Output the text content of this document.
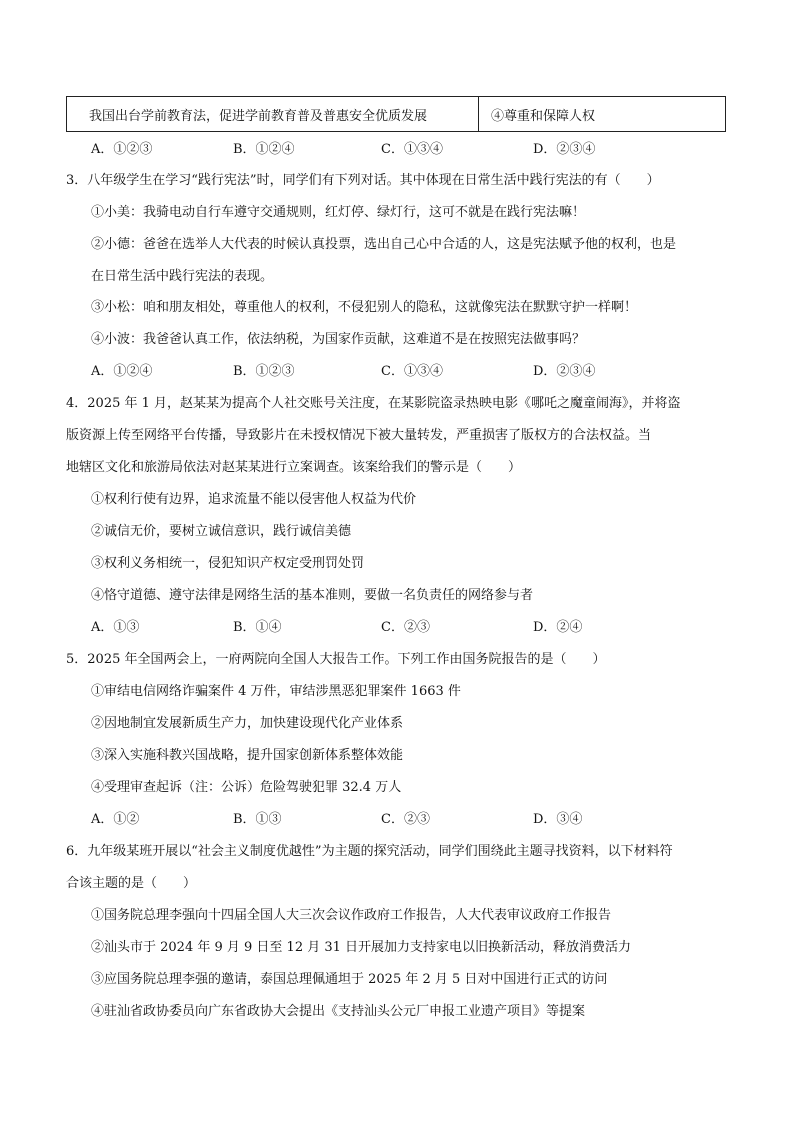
我国出台学前教育法，促进学前教育普及普惠安全优质发展	④尊重和保障人权
A．①②③	B．①②④	C．①③④	D．②③④
3．八年级学生在学习“践行宪法”时，同学们有下列对话。其中体现在日常生活中践行宪法的有（　　）
①小美：我骑电动自行车遵守交通规则，红灯停、绿灯行，这可不就是在践行宪法嘛！
②小德：爸爸在选举人大代表的时候认真投票，选出自己心中合适的人，这是宪法赋予他的权利，也是
在日常生活中践行宪法的表现。
③小松：咱和朋友相处，尊重他人的权利，不侵犯别人的隐私，这就像宪法在默默守护一样啊！
④小波：我爸爸认真工作，依法纳税，为国家作贡献，这难道不是在按照宪法做事吗？
A．①②④	B．①②③	C．①③④	D．②③④
4．2025 年 1 月，赵某某为提高个人社交账号关注度，在某影院盗录热映电影《哪吒之魔童闹海》，并将盗
版资源上传至网络平台传播，导致影片在未授权情况下被大量转发，严重损害了版权方的合法权益。当
地辖区文化和旅游局依法对赵某某进行立案调查。该案给我们的警示是（　　）
①权利行使有边界，追求流量不能以侵害他人权益为代价
②诚信无价，要树立诚信意识，践行诚信美德
③权利义务相统一，侵犯知识产权定受刑罚处罚
④恪守道德、遵守法律是网络生活的基本准则，要做一名负责任的网络参与者
A．①③	B．①④	C．②③	D．②④
5．2025 年全国两会上，一府两院向全国人大报告工作。下列工作由国务院报告的是（　　）
①审结电信网络诈骗案件 4 万件，审结涉黑恶犯罪案件 1663 件
②因地制宜发展新质生产力，加快建设现代化产业体系
③深入实施科教兴国战略，提升国家创新体系整体效能
④受理审查起诉（注：公诉）危险驾驶犯罪 32.4 万人
A．①②	B．①③	C．②③	D．③④
6．九年级某班开展以“社会主义制度优越性”为主题的探究活动，同学们围绕此主题寻找资料，以下材料符
合该主题的是（　　）
①国务院总理李强向十四届全国人大三次会议作政府工作报告，人大代表审议政府工作报告
②汕头市于 2024 年 9 月 9 日至 12 月 31 日开展加力支持家电以旧换新活动，释放消费活力
③应国务院总理李强的邀请，泰国总理佩通坦于 2025 年 2 月 5 日对中国进行正式的访问
④驻汕省政协委员向广东省政协大会提出《支持汕头公元厂申报工业遗产项目》等提案
